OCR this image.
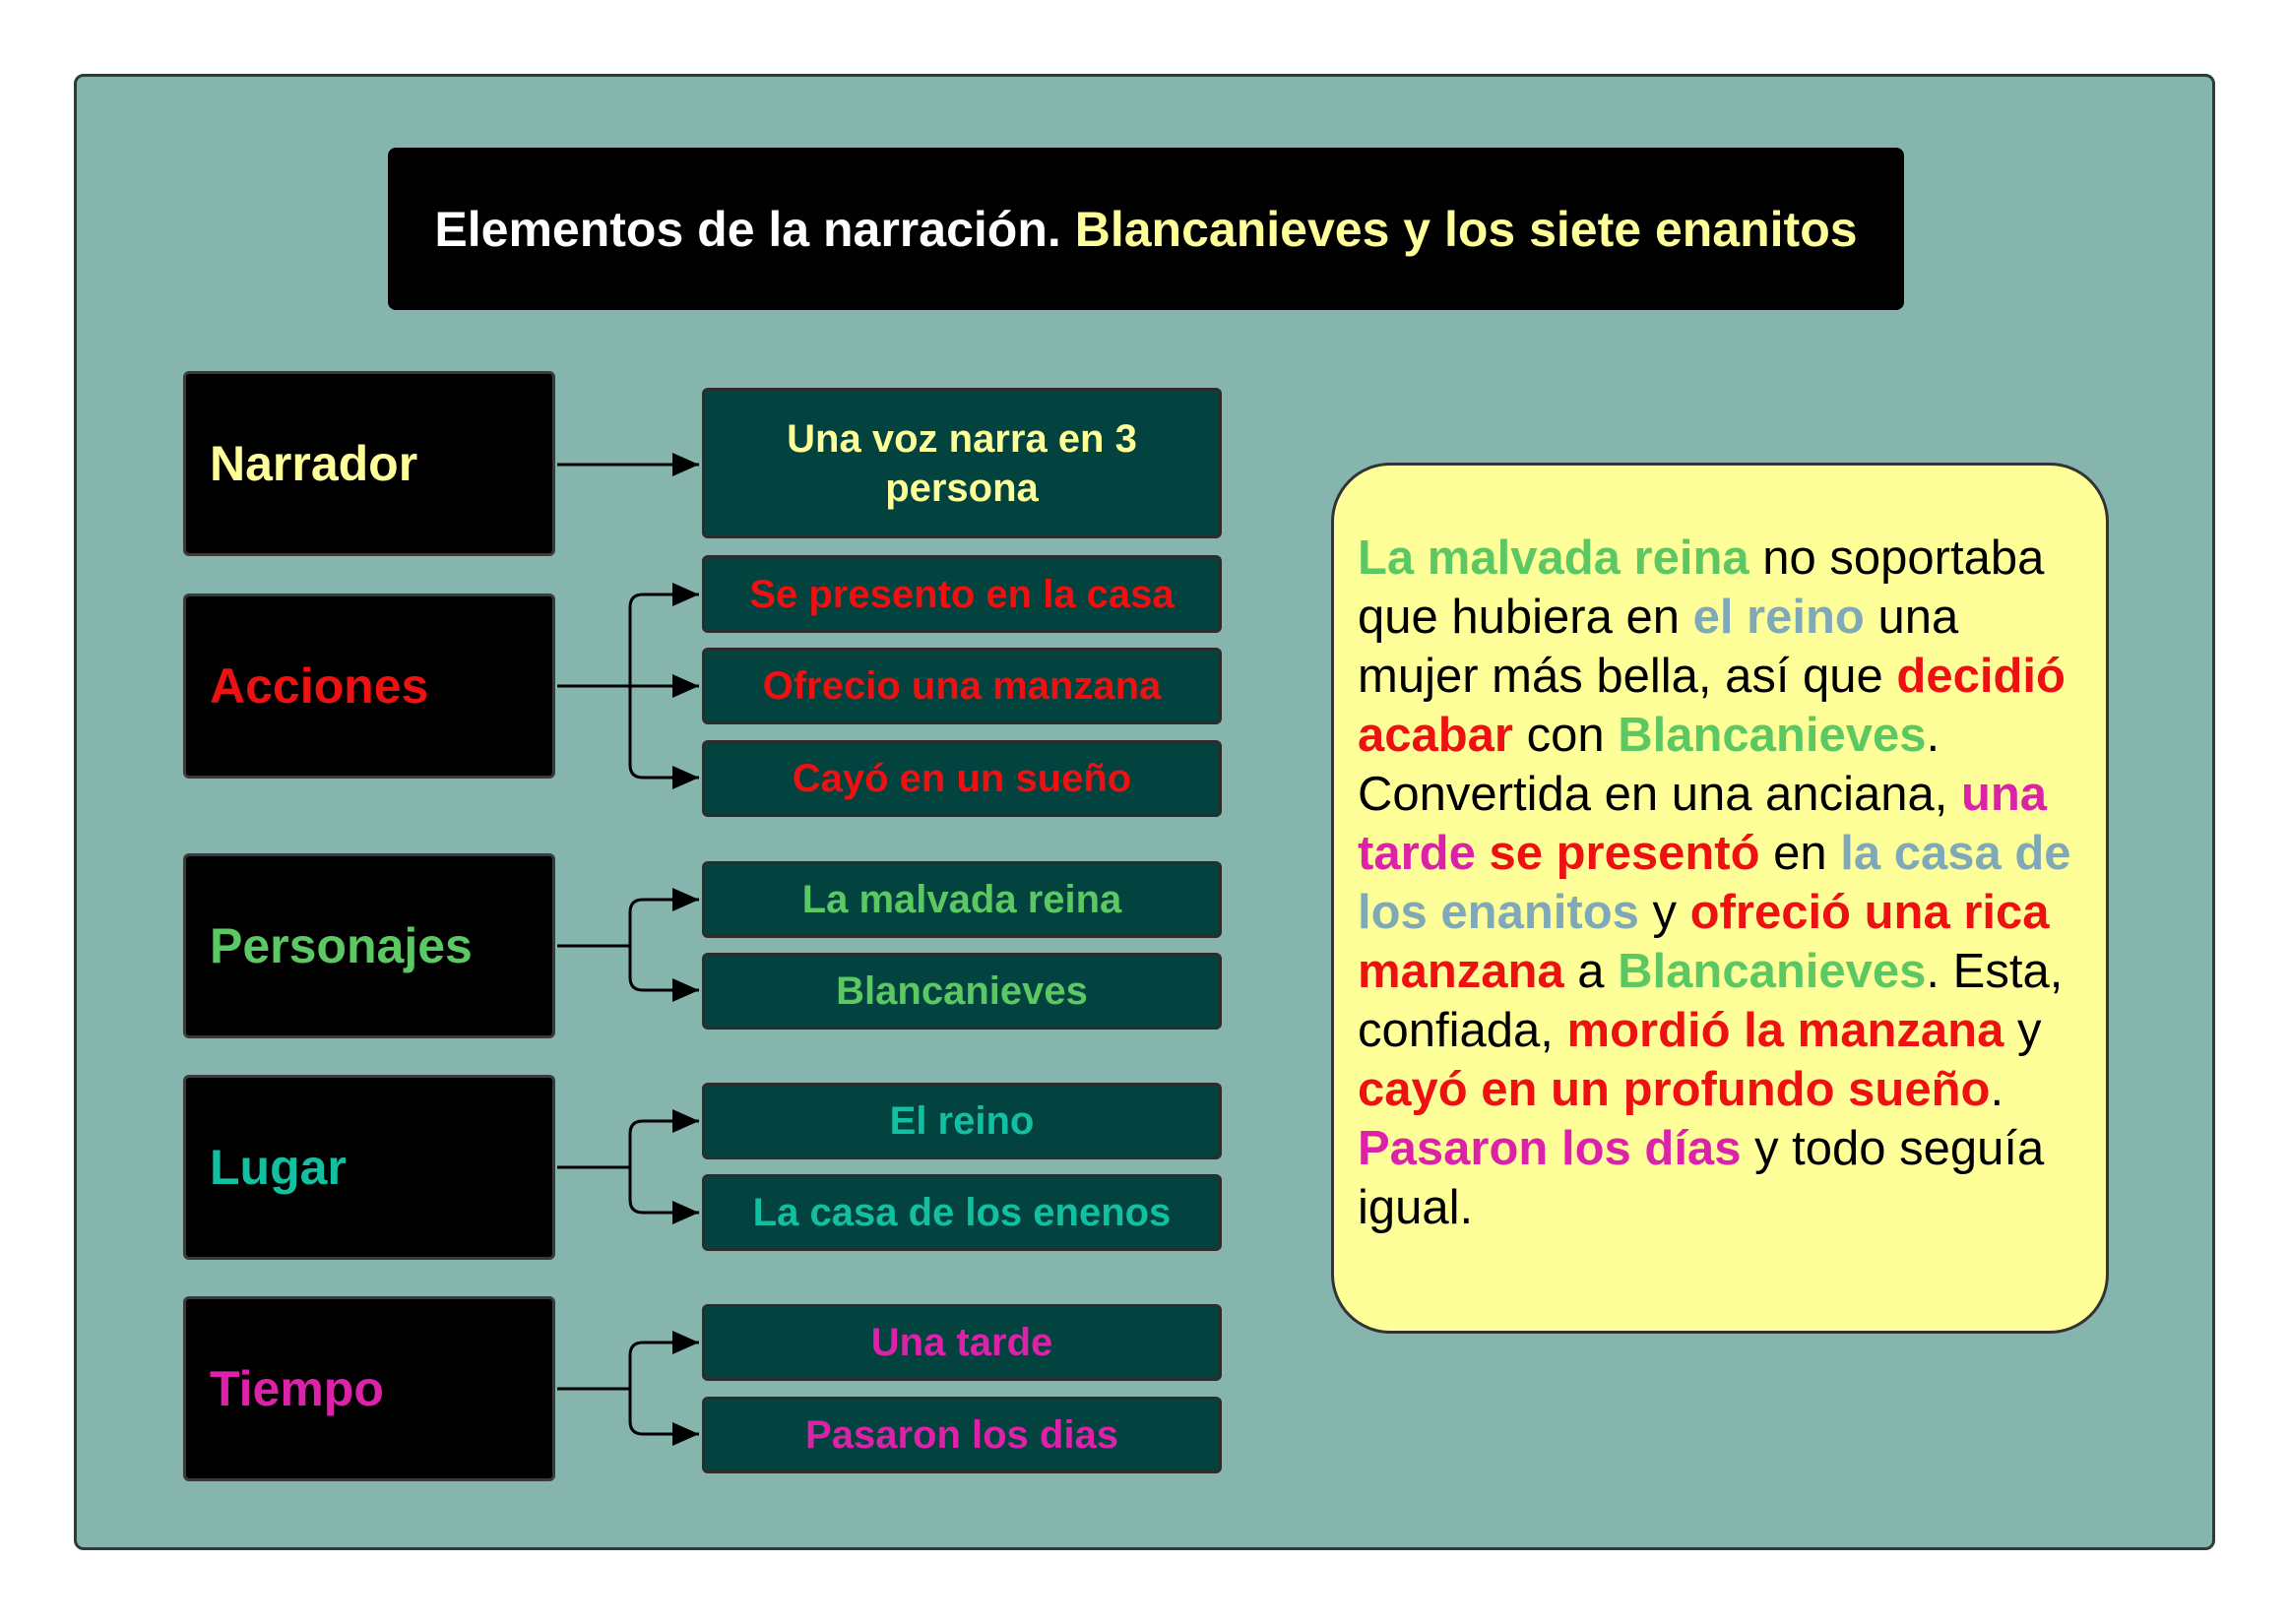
Elementos de la narración. Blancanieves y los siete enanitos
Narrador
Acciones
Personajes
Lugar
Tiempo
Una voz narra en 3 persona
Se presento en la casa
Ofrecio una manzana
Cayó en un sueño
La malvada reina
Blancanieves
El reino
La casa de los enenos
Una tarde
Pasaron los dias
La malvada reina no soportaba que hubiera en el reino una mujer más bella, así que decidió acabar con Blancanieves. Convertida en una anciana, una tarde se presentó en la casa de los enanitos y ofreció una rica manzana a Blancanieves. Esta, confiada, mordió la manzana y cayó en un profundo sueño. Pasaron los días y todo seguía igual.
